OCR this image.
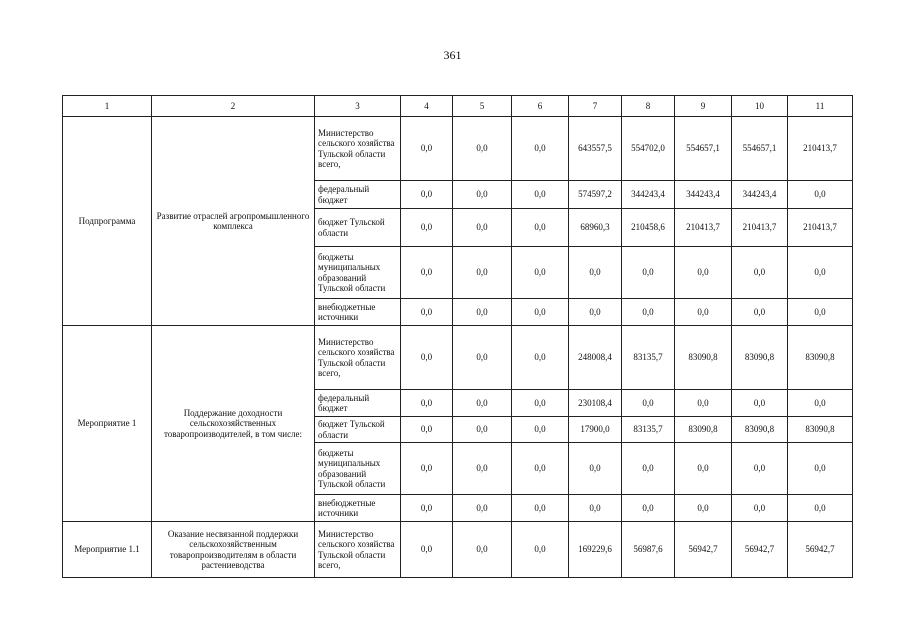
361
1	2	3	4	5	6	7	8	9	10	11
Подпрограмма	Развитие отраслей агропромышленного комплекса	Министерство сельского хозяйства Тульской области всего,	0,0	0,0	0,0	643557,5	554702,0	554657,1	554657,1	210413,7
		федеральный бюджет	0,0	0,0	0,0	574597,2	344243,4	344243,4	344243,4	0,0
		бюджет Тульской области	0,0	0,0	0,0	68960,3	210458,6	210413,7	210413,7	210413,7
		бюджеты муниципальных образований Тульской области	0,0	0,0	0,0	0,0	0,0	0,0	0,0	0,0
		внебюджетные источники	0,0	0,0	0,0	0,0	0,0	0,0	0,0	0,0
Мероприятие 1	Поддержание доходности сельскохозяйственных товаропроизводителей, в том числе:	Министерство сельского хозяйства Тульской области всего,	0,0	0,0	0,0	248008,4	83135,7	83090,8	83090,8	83090,8
		федеральный бюджет	0,0	0,0	0,0	230108,4	0,0	0,0	0,0	0,0
		бюджет Тульской области	0,0	0,0	0,0	17900,0	83135,7	83090,8	83090,8	83090,8
		бюджеты муниципальных образований Тульской области	0,0	0,0	0,0	0,0	0,0	0,0	0,0	0,0
		внебюджетные источники	0,0	0,0	0,0	0,0	0,0	0,0	0,0	0,0
Мероприятие 1.1	Оказание несвязанной поддержки сельскохозяйственным товаропроизводителям в области растениеводства	Министерство сельского хозяйства Тульской области всего,	0,0	0,0	0,0	169229,6	56987,6	56942,7	56942,7	56942,7
